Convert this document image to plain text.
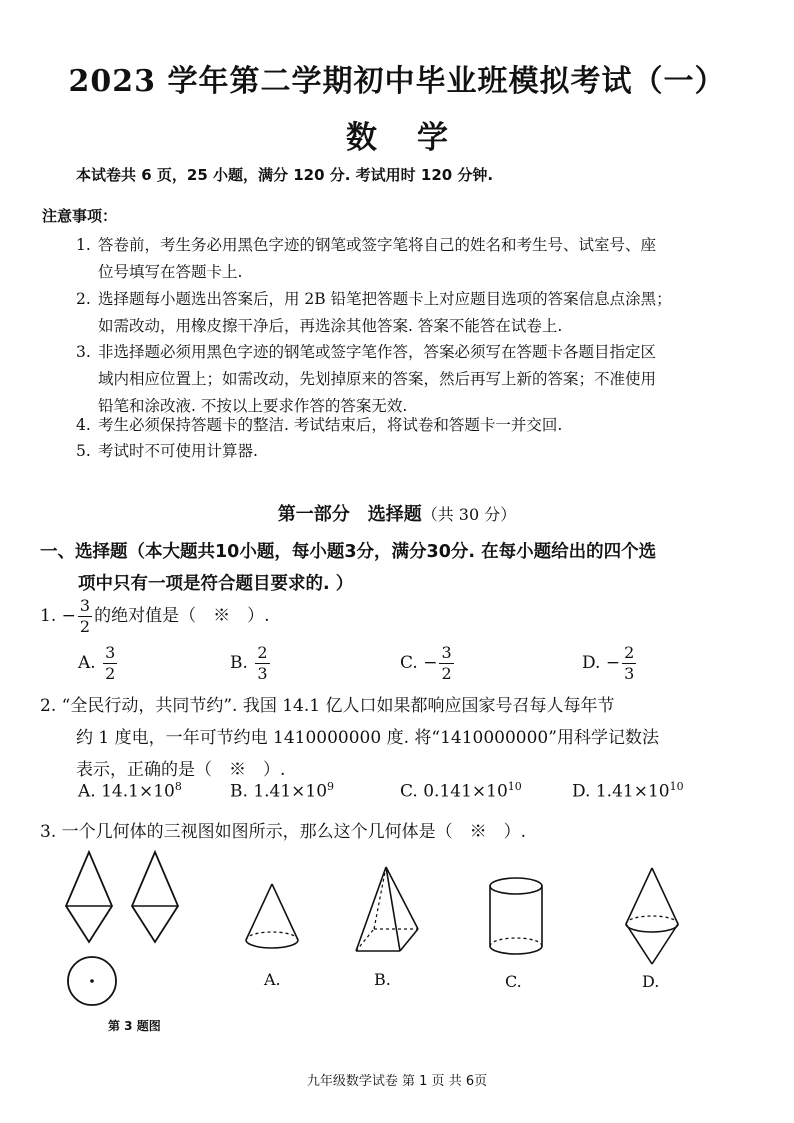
2023 学年第二学期初中毕业班模拟考试（一）
数学
本试卷共 6 页，25 小题，满分 120 分. 考试用时 120 分钟.
注意事项：
1. 答卷前，考生务必用黑色字迹的钢笔或签字笔将自己的姓名和考生号、试室号、座
位号填写在答题卡上.
2. 选择题每小题选出答案后，用 2B 铅笔把答题卡上对应题目选项的答案信息点涂黑；
如需改动，用橡皮擦干净后，再选涂其他答案. 答案不能答在试卷上.
3. 非选择题必须用黑色字迹的钢笔或签字笔作答，答案必须写在答题卡各题目指定区
域内相应位置上；如需改动，先划掉原来的答案，然后再写上新的答案；不准使用
铅笔和涂改液. 不按以上要求作答的答案无效.
4. 考生必须保持答题卡的整洁. 考试结束后，将试卷和答题卡一并交回.
5. 考试时不可使用计算器.
第一部分　选择题（共 30 分）
一、选择题（本大题共10小题，每小题3分，满分30分. 在每小题给出的四个选
项中只有一项是符合题目要求的. ）
1. − $\frac{3}{2}$ 的绝对值是（　※　）.
A. $\frac{3}{2}$	B. $\frac{2}{3}$	C. − $\frac{3}{2}$	D. − $\frac{2}{3}$
2. “全民行动，共同节约”. 我国 14.1 亿人口如果都响应国家号召每人每年节
约 1 度电，一年可节约电 1410000000 度. 将“1410000000”用科学记数法
表示，正确的是（　※　）.
A. $14.1\times 10^8$	B. $1.41\times 10^9$	C. $0.141\times 10^{10}$	D. $1.41\times 10^{10}$
3. 一个几何体的三视图如图所示，那么这个几何体是（　※　）.
A.	B.	C.	D.
第 3 题图
九年级数学试卷 第 1 页 共 6页
